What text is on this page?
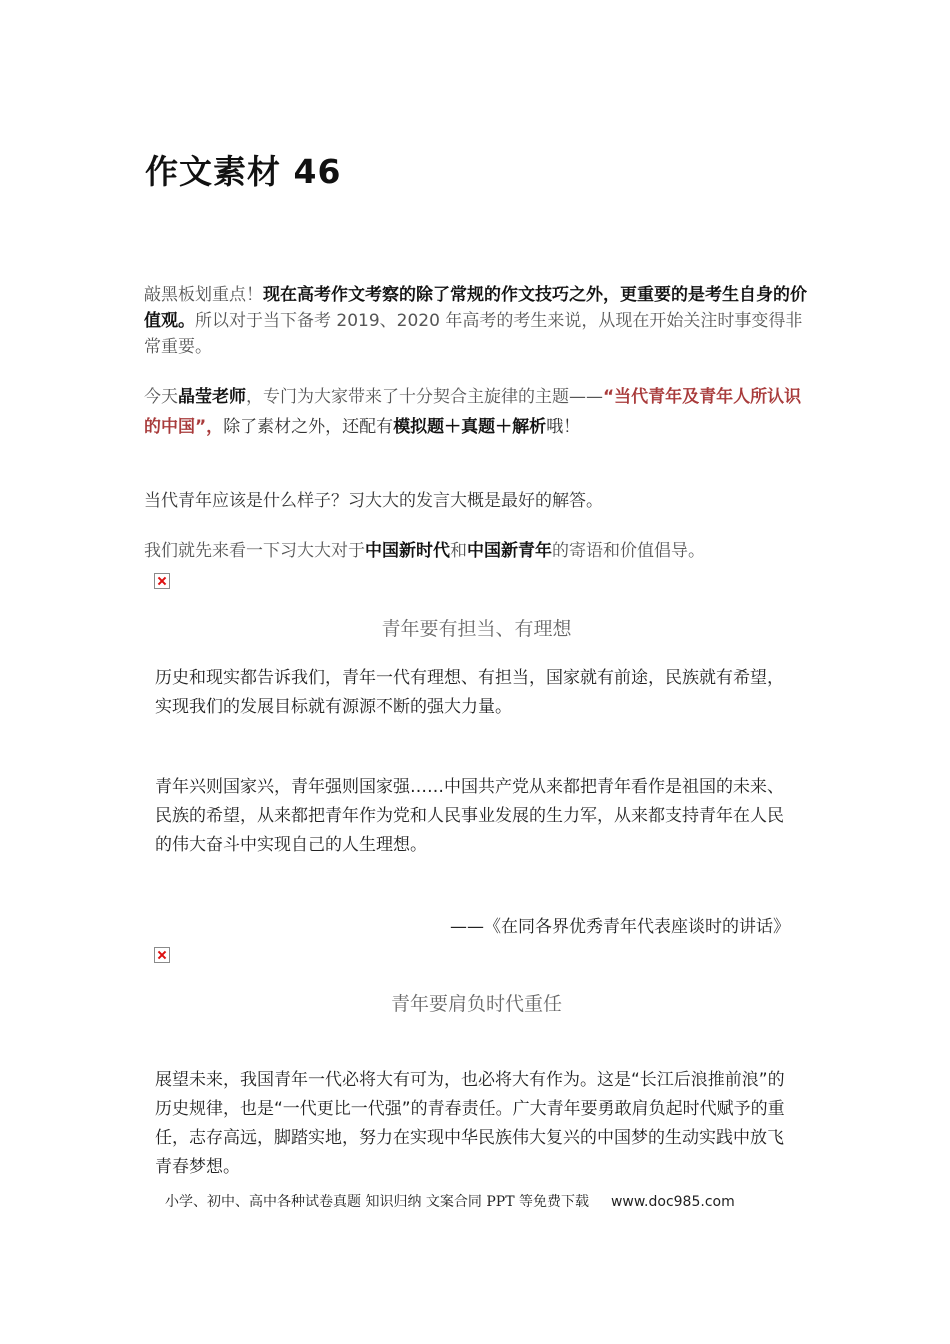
作文素材 46
敲黑板划重点！现在高考作文考察的除了常规的作文技巧之外，更重要的是考生自身的价值观。所以对于当下备考 2019、2020 年高考的考生来说，从现在开始关注时事变得非常重要。
今天晶莹老师，专门为大家带来了十分契合主旋律的主题——“当代青年及青年人所认识的中国”，除了素材之外，还配有模拟题＋真题＋解析哦！
当代青年应该是什么样子？习大大的发言大概是最好的解答。
我们就先来看一下习大大对于中国新时代和中国新青年的寄语和价值倡导。
青年要有担当、有理想
历史和现实都告诉我们，青年一代有理想、有担当，国家就有前途，民族就有希望，实现我们的发展目标就有源源不断的强大力量。
青年兴则国家兴，青年强则国家强……中国共产党从来都把青年看作是祖国的未来、民族的希望，从来都把青年作为党和人民事业发展的生力军，从来都支持青年在人民的伟大奋斗中实现自己的人生理想。
——《在同各界优秀青年代表座谈时的讲话》
青年要肩负时代重任
展望未来，我国青年一代必将大有可为，也必将大有作为。这是“长江后浪推前浪”的历史规律，也是“一代更比一代强”的青春责任。广大青年要勇敢肩负起时代赋予的重任，志存高远，脚踏实地，努力在实现中华民族伟大复兴的中国梦的生动实践中放飞青春梦想。
小学、初中、高中各种试卷真题 知识归纳 文案合同 PPT 等免费下载 www.doc985.com
